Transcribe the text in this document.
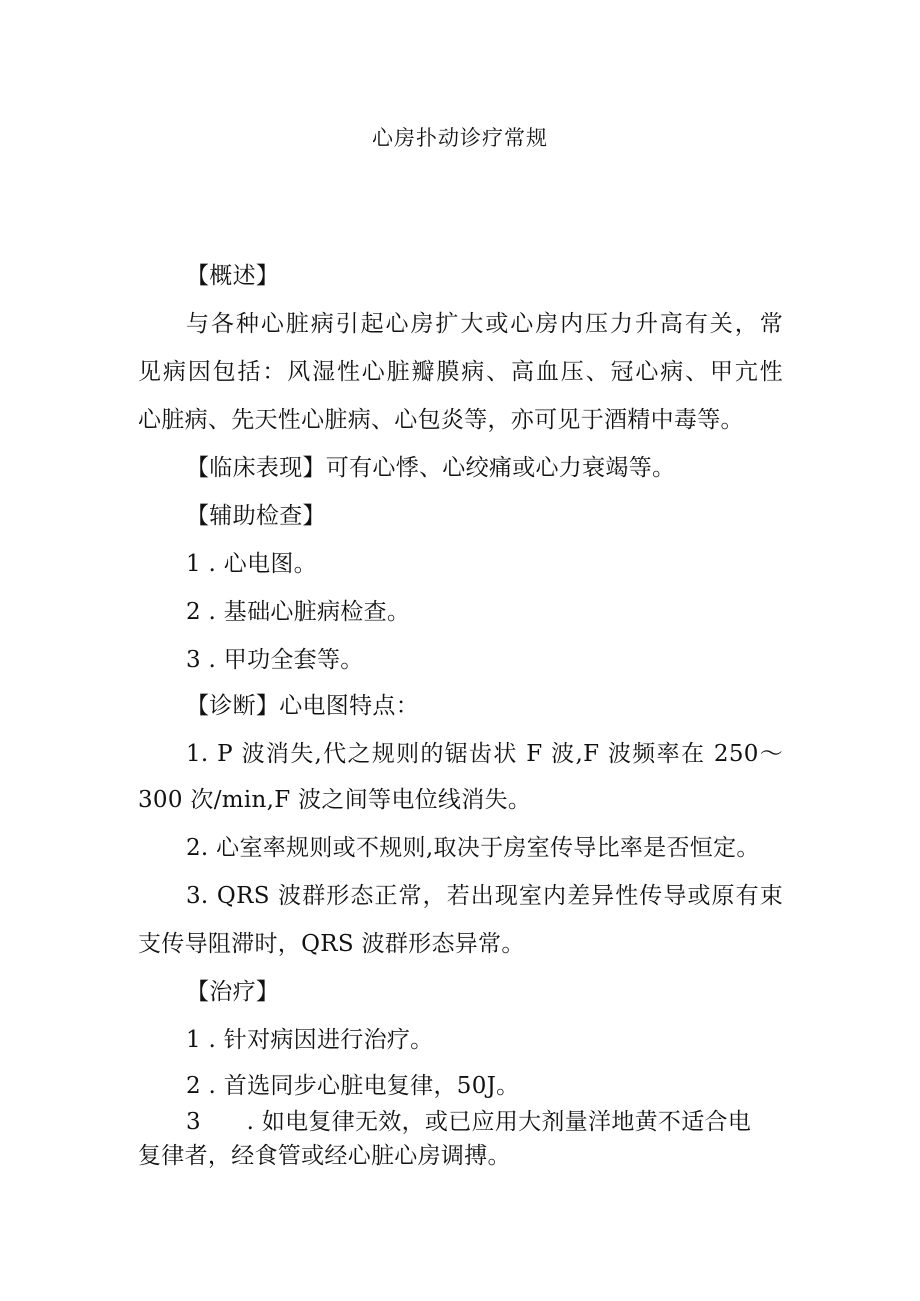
心房扑动诊疗常规
【概述】
与各种心脏病引起心房扩大或心房内压力升高有关，常
见病因包括：风湿性心脏瓣膜病、高血压、冠心病、甲亢性
心脏病、先天性心脏病、心包炎等，亦可见于酒精中毒等。
【临床表现】可有心悸、心绞痛或心力衰竭等。
【辅助检查】
1 . 心电图。
2 . 基础心脏病检查。
3 . 甲功全套等。
【诊断】心电图特点：
1. P 波消失,代之规则的锯齿状 F 波,F 波频率在 250～
300 次/min,F 波之间等电位线消失。
2. 心室率规则或不规则,取决于房室传导比率是否恒定。
3. QRS 波群形态正常，若出现室内差异性传导或原有束
支传导阻滞时，QRS 波群形态异常。
【治疗】
1 . 针对病因进行治疗。
2 . 首选同步心脏电复律，50J。
3      . 如电复律无效，或已应用大剂量洋地黄不适合电
复律者，经食管或经心脏心房调搏。
